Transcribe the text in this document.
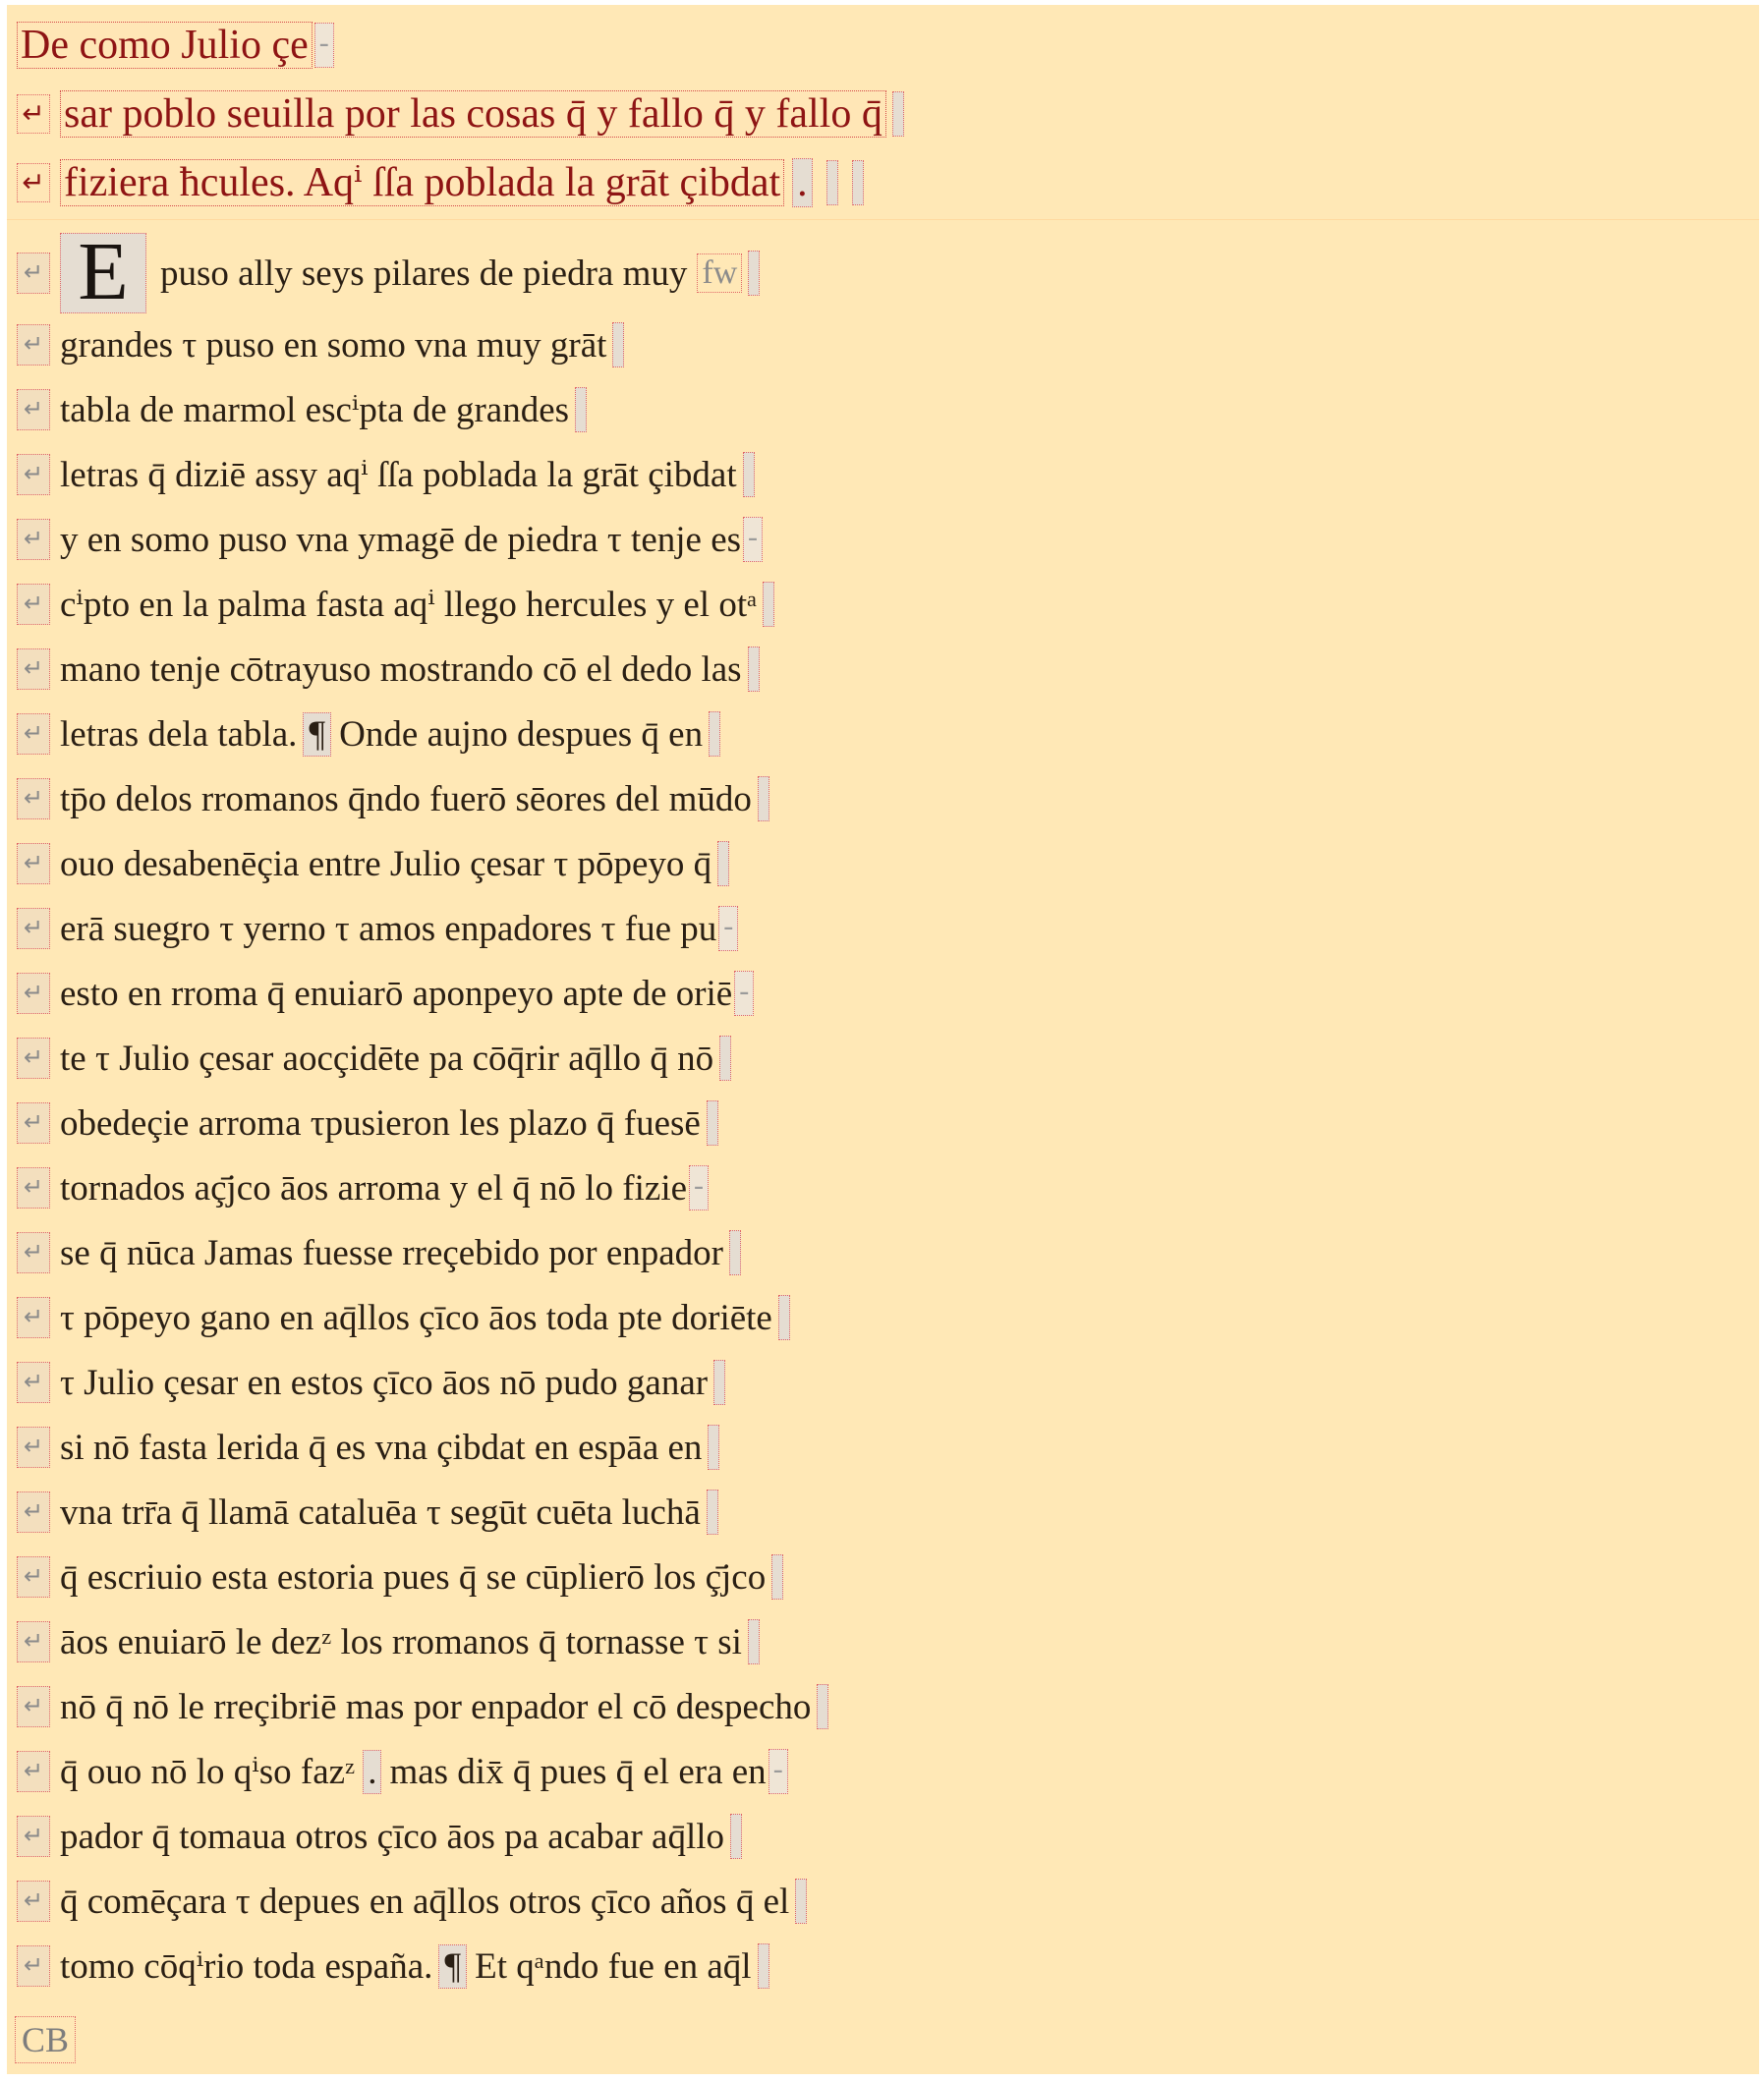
De como Julio çe -
↵ sar poblo seuilla por las cosas q̄ y fallo q̄ y fallo q̄
↵ fiziera ħcules. Aqⁱ ſſa poblada la grāt çibdat .
↵ E puso ally seys pilares de piedra muy fw
↵ grandes τ puso en somo vna muy grāt
↵ tabla de marmol escⁱpta de grandes
↵ letras q̄ diziē assy aqⁱ ſſa poblada la grāt çibdat
↵ y en somo puso vna ymagē de piedra τ tenje es -
↵ cⁱpto en la palma fasta aqⁱ llego hercules y el otᵃ
↵ mano tenje cōtrayuso mostrando cō el dedo las
↵ letras dela tabla. ¶ Onde aujno despues q̄ en
↵ tp̄o delos rromanos q̄ndo fuerō sēores del mūdo
↵ ouo desabenēçia entre Julio çesar τ pōpeyo q̄
↵ erā suegro τ yerno τ amos enpadores τ fue pu -
↵ esto en rroma q̄ enuiarō aponpeyo apte de oriē -
↵ te τ Julio çesar aocçidēte pa cōq̄rir aq̄llo q̄ nō
↵ obedeçie arroma τpusieron les plazo q̄ fuesē
↵ tornados aç̄jco āos arroma y el q̄ nō lo fizie -
↵ se q̄ nūca Jamas fuesse rreçebido por enpador
↵ τ pōpeyo gano en aq̄llos çīco āos toda pte doriēte
↵ τ Julio çesar en estos çīco āos nō pudo ganar
↵ si nō fasta lerida q̄ es vna çibdat en espāa en
↵ vna trr̄a q̄ llamā cataluēa τ segūt cuēta luchā
↵ q̄ escriuio esta estoria pues q̄ se cūplierō los ç̄jco
↵ āos enuiarō le dezᶻ los rromanos q̄ tornasse τ si
↵ nō q̄ nō le rreçibriē mas por enpador el cō despecho
↵ q̄ ouo nō lo qⁱso fazᶻ . mas dix̄ q̄ pues q̄ el era en -
↵ pador q̄ tomaua otros çīco āos pa acabar aq̄llo
↵ q̄ comēçara τ depues en aq̄llos otros çīco años q̄ el
↵ tomo cōqⁱrio toda españa. ¶ Et qᵃndo fue en aq̄l
CB
